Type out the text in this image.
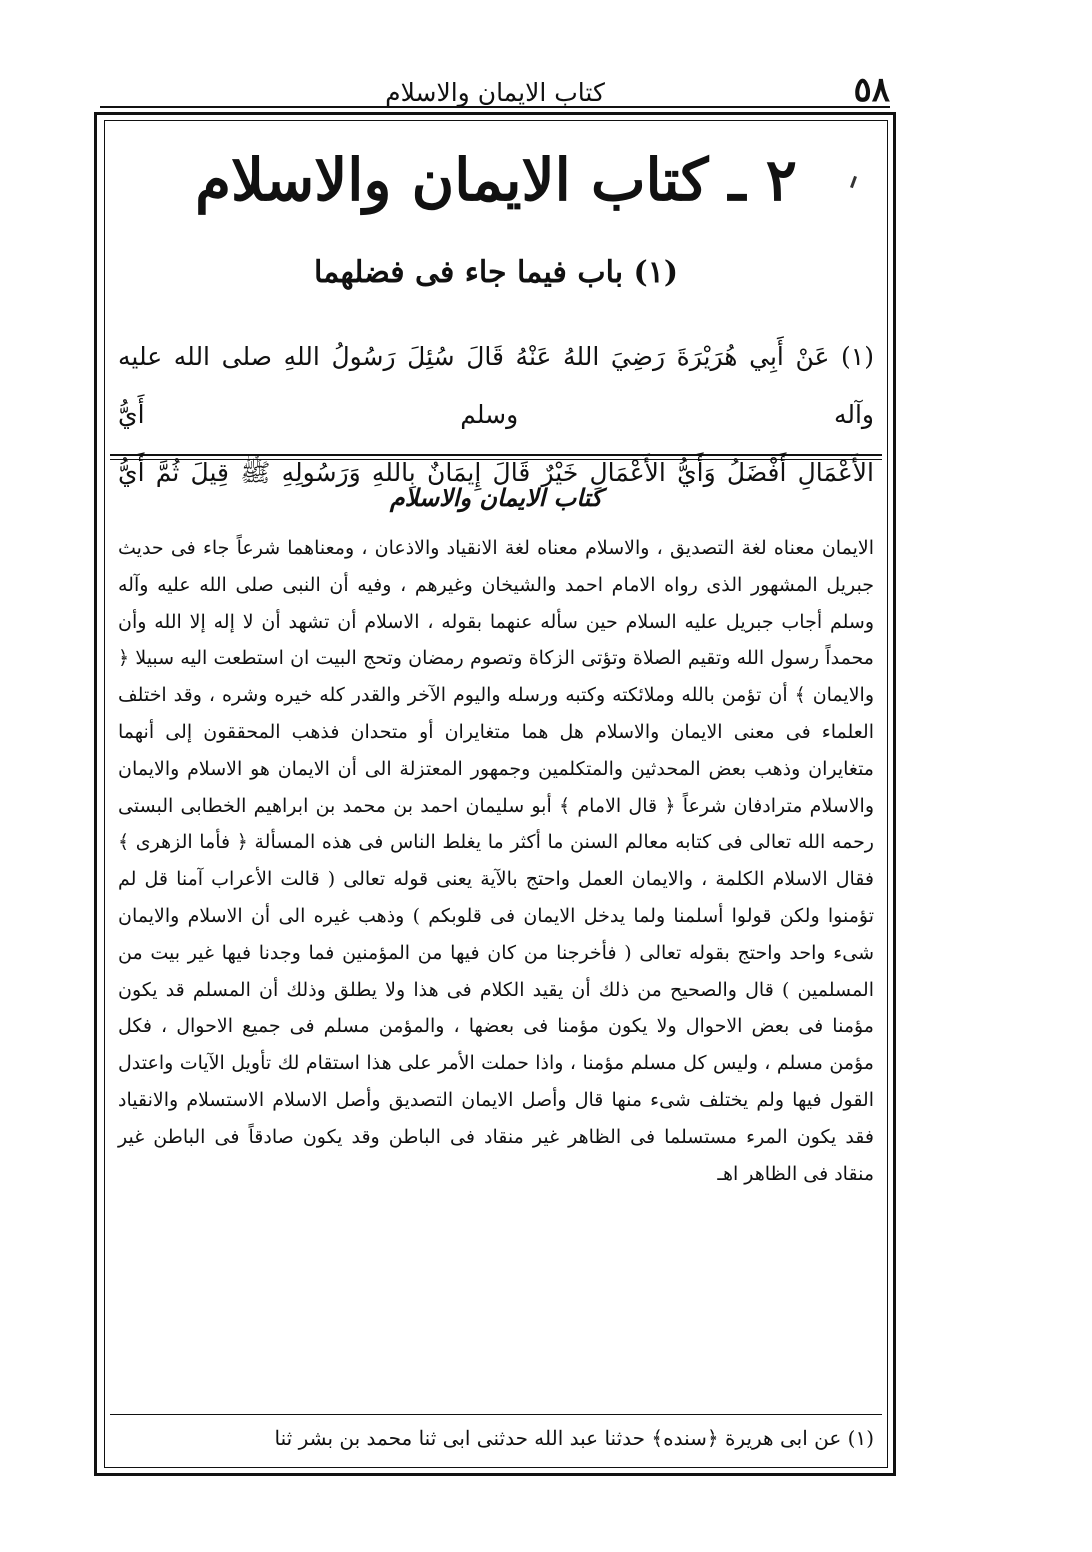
٥٨
كتاب الايمان والاسلام
٢ ـ كتاب الايمان والاسلام
(١) باب فيما جاء فى فضلهما

(١) عَنْ أَبِي هُرَيْرَةَ رَضِيَ اللهُ عَنْهُ قَالَ سُئِلَ رَسُولُ اللهِ صلى الله عليه وآله وسلم أَيُّ

الأَعْمَالِ أَفْضَلُ وَأَيُّ الأَعْمَالِ خَيْرٌ قَالَ إِيمَانٌ بِاللهِ وَرَسُولِهِ ﷺ قِيلَ ثُمَّ أَيُّ

كتاب الايمان والاسلام
الايمان معناه لغة التصديق ، والاسلام معناه لغة الانقياد والاذعان ، ومعناهما شرعاً جاء فى حديث جبريل المشهور الذى رواه الامام احمد والشيخان وغيرهم ، وفيه أن النبى صلى الله عليه وآله وسلم أجاب جبريل عليه السلام حين سأله عنهما بقوله ، الاسلام أن تشهد أن لا إله إلا الله وأن محمداً رسول الله وتقيم الصلاة وتؤتى الزكاة وتصوم رمضان وتحج البيت ان استطعت اليه سبيلا ﴿ والايمان ﴾ أن تؤمن بالله وملائكته وكتبه ورسله واليوم الآخر والقدر كله خيره وشره ، وقد اختلف العلماء فى معنى الايمان والاسلام هل هما متغايران أو متحدان فذهب المحققون إلى أنهما متغايران وذهب بعض المحدثين والمتكلمين وجمهور المعتزلة الى أن الايمان هو الاسلام والايمان والاسلام مترادفان شرعاً ﴿ قال الامام ﴾ أبو سليمان احمد بن محمد بن ابراهيم الخطابى البستى رحمه الله تعالى فى كتابه معالم السنن ما أكثر ما يغلط الناس فى هذه المسألة ﴿ فأما الزهرى ﴾ فقال الاسلام الكلمة ، والايمان العمل واحتج بالآية يعنى قوله تعالى ( قالت الأعراب آمنا قل لم تؤمنوا ولكن قولوا أسلمنا ولما يدخل الايمان فى قلوبكم ) وذهب غيره الى أن الاسلام والايمان شىء واحد واحتج بقوله تعالى ( فأخرجنا من كان فيها من المؤمنين فما وجدنا فيها غير بيت من المسلمين ) قال والصحيح من ذلك أن يقيد الكلام فى هذا ولا يطلق وذلك أن المسلم قد يكون مؤمنا فى بعض الاحوال ولا يكون مؤمنا فى بعضها ، والمؤمن مسلم فى جميع الاحوال ، فكل مؤمن مسلم ، وليس كل مسلم مؤمنا ، واذا حملت الأمر على هذا استقام لك تأويل الآيات واعتدل القول فيها ولم يختلف شىء منها قال وأصل الايمان التصديق وأصل الاسلام الاستسلام والانقياد فقد يكون المرء مستسلما فى الظاهر غير منقاد فى الباطن وقد يكون صادقاً فى الباطن غير منقاد فى الظاهر اهـ
(١) عن ابى هريرة ﴿سنده﴾ حدثنا عبد الله حدثنى ابى ثنا محمد بن بشر ثنا
